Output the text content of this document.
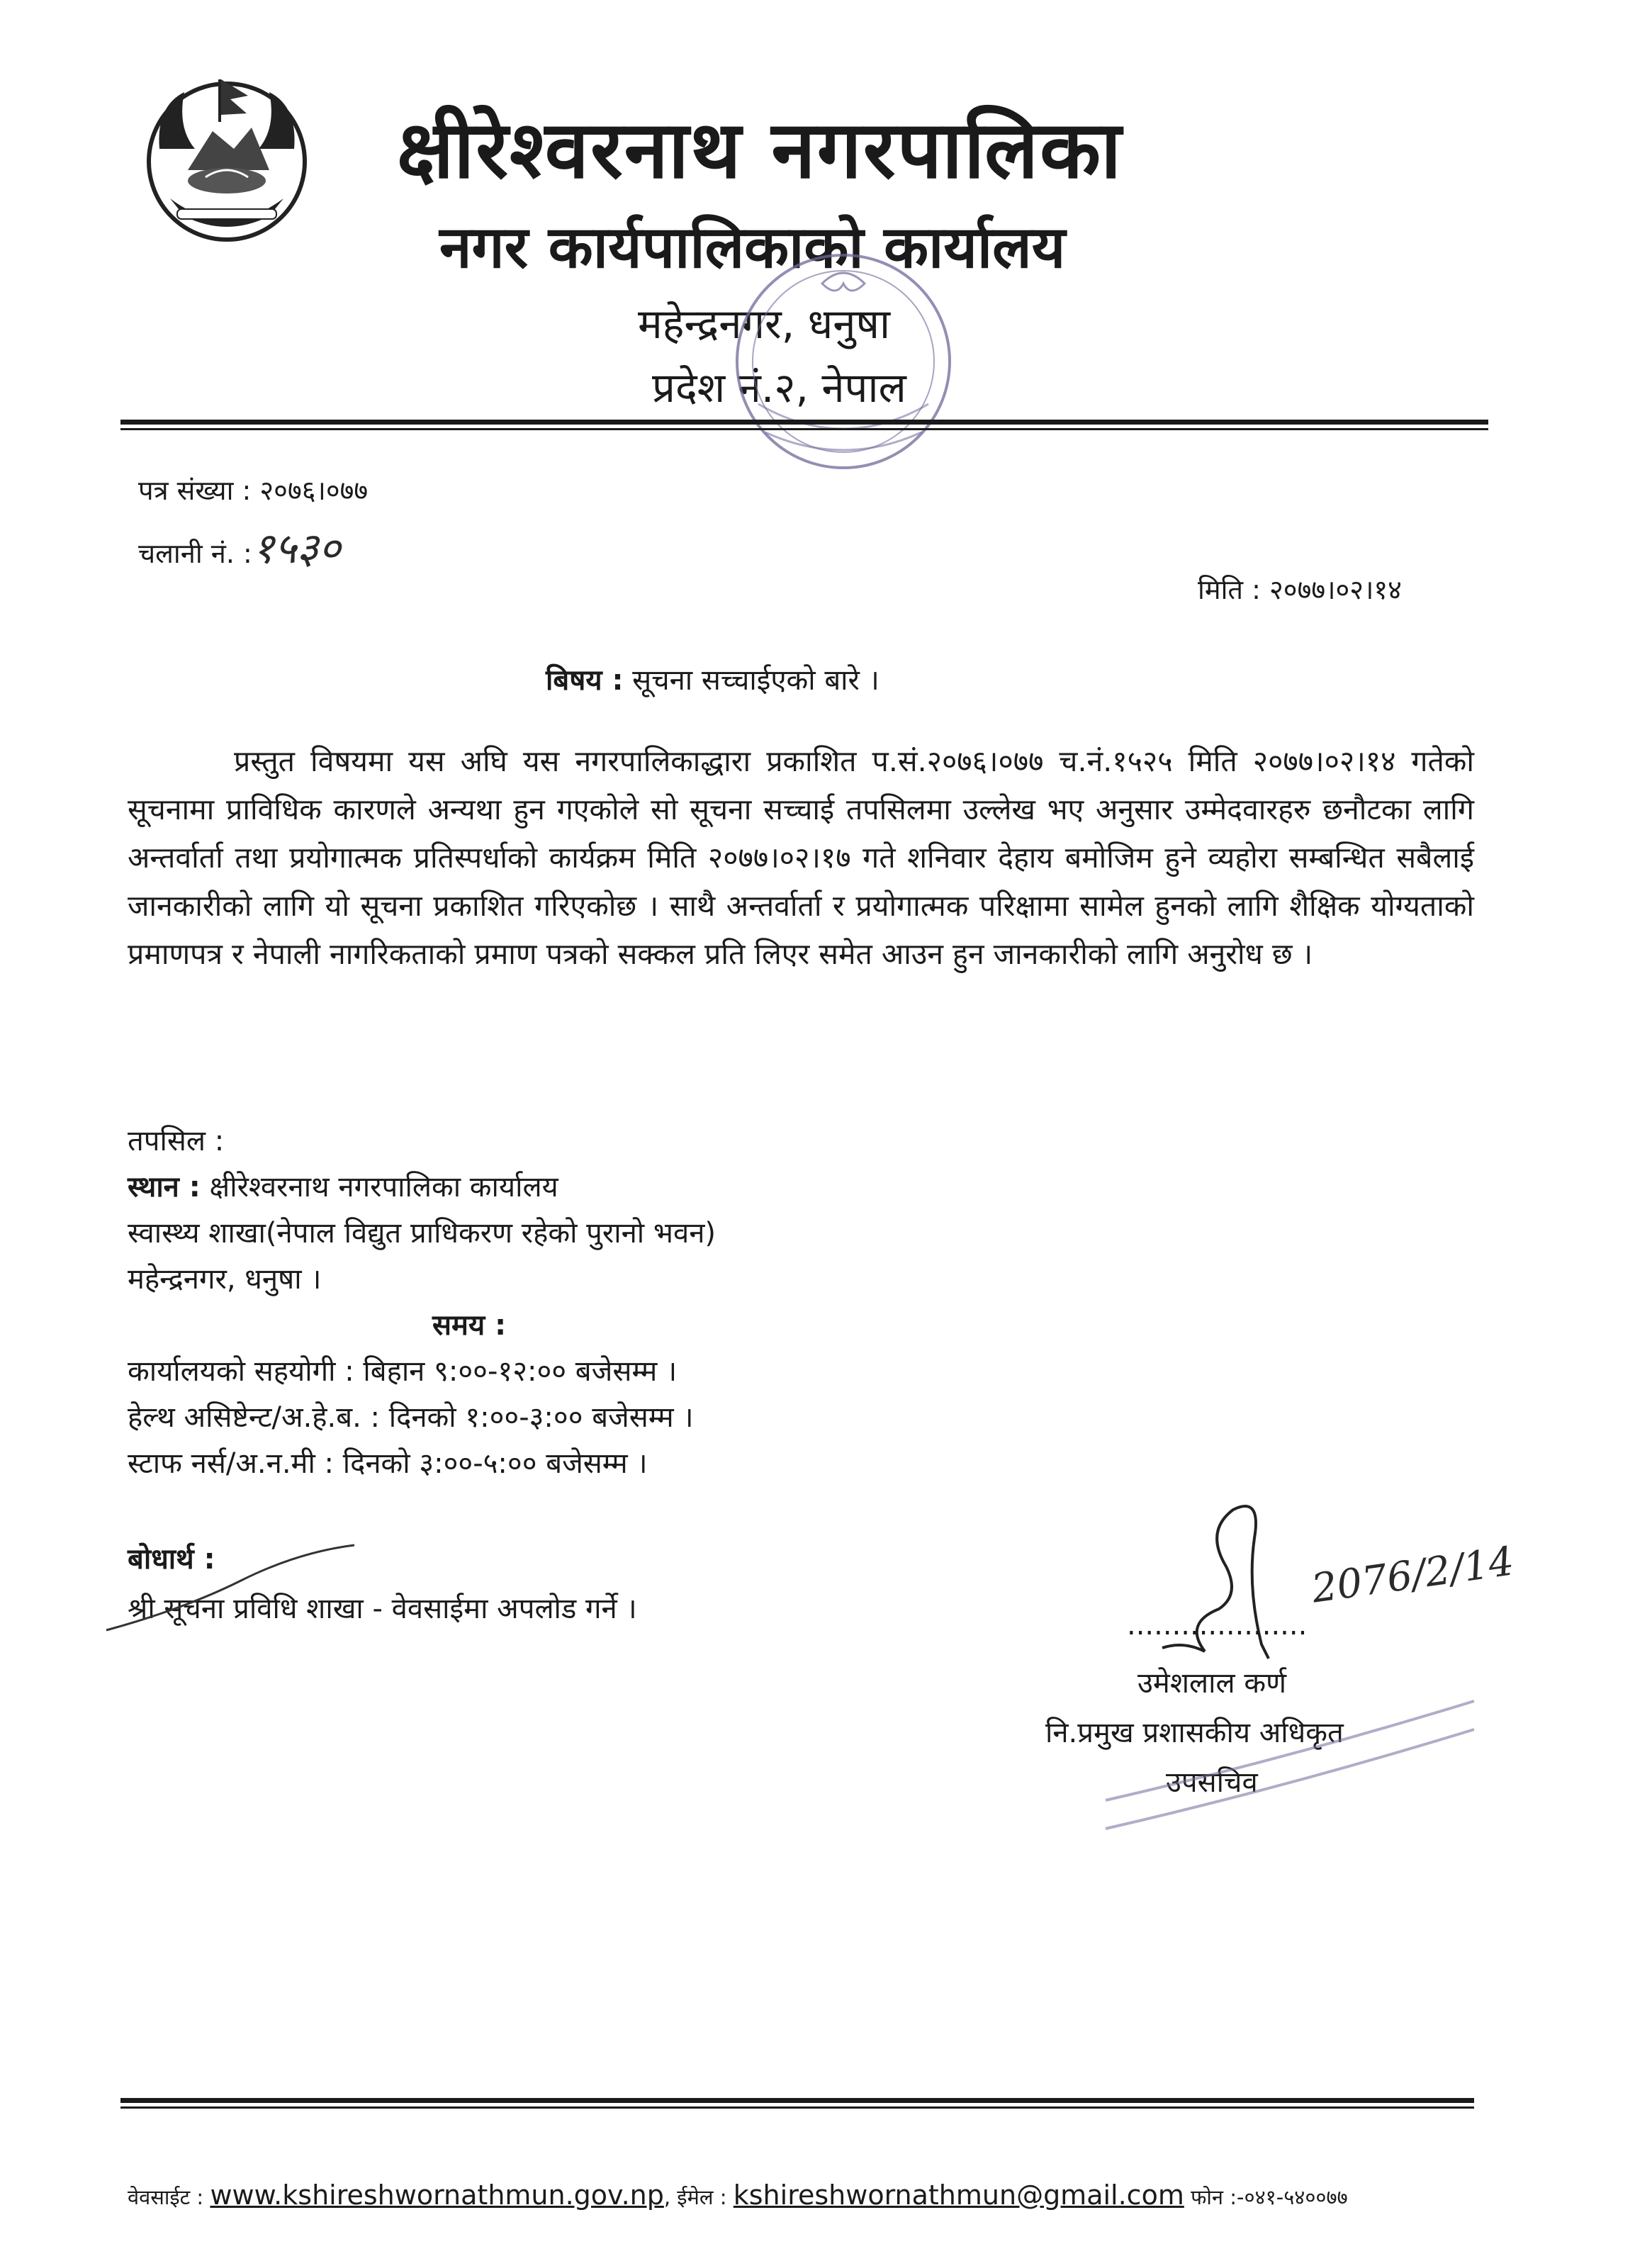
क्षीरेश्वरनाथ नगरपालिका
नगर कार्यपालिकाको कार्यालय
महेन्द्रनगर, धनुषा
प्रदेश नं.२, नेपाल
पत्र संख्या : २०७६।०७७
चलानी नं. :१५३०
मिति : २०७७।०२।१४
बिषय : सूचना सच्चाईएको बारे ।
प्रस्तुत विषयमा यस अघि यस नगरपालिकाद्धारा प्रकाशित प.सं.२०७६।०७७ च.नं.१५२५ मिति २०७७।०२।१४ गतेको सूचनामा प्राविधिक कारणले अन्यथा हुन गएकोले सो सूचना सच्चाई तपसिलमा उल्लेख भए अनुसार उम्मेदवारहरु छनौटका लागि अन्तर्वार्ता तथा प्रयोगात्मक प्रतिस्पर्धाको कार्यक्रम मिति २०७७।०२।१७ गते शनिवार देहाय बमोजिम हुने व्यहोरा सम्बन्धित सबैलाई जानकारीको लागि यो सूचना प्रकाशित गरिएकोछ । साथै अन्तर्वार्ता र प्रयोगात्मक परिक्षामा सामेल हुनको लागि शैक्षिक योग्यताको प्रमाणपत्र र नेपाली नागरिकताको प्रमाण पत्रको सक्कल प्रति लिएर समेत आउन हुन जानकारीको लागि अनुरोध छ ।
तपसिल :
स्थान : क्षीरेश्वरनाथ नगरपालिका कार्यालय
स्वास्थ्य शाखा(नेपाल विद्युत प्राधिकरण रहेको पुरानो भवन)
महेन्द्रनगर, धनुषा ।
समय :
कार्यालयको सहयोगी : बिहान ९:००-१२:०० बजेसम्म ।
हेल्थ असिष्टेन्ट/अ.हे.ब. : दिनको १:००-३:०० बजेसम्म ।
स्टाफ नर्स/अ.न.मी : दिनको ३:००-५:०० बजेसम्म ।
बोधार्थ :
श्री सूचना प्रविधि शाखा - वेवसाईमा अपलोड गर्ने ।	2076/2/14
....................
उमेशलाल कर्ण
नि.प्रमुख प्रशासकीय अधिकृत
उपसचिव
वेवसाईट : www.kshireshwornathmun.gov.np, ईमेल : kshireshwornathmun@gmail.com फोन :-०४१-५४००७७
